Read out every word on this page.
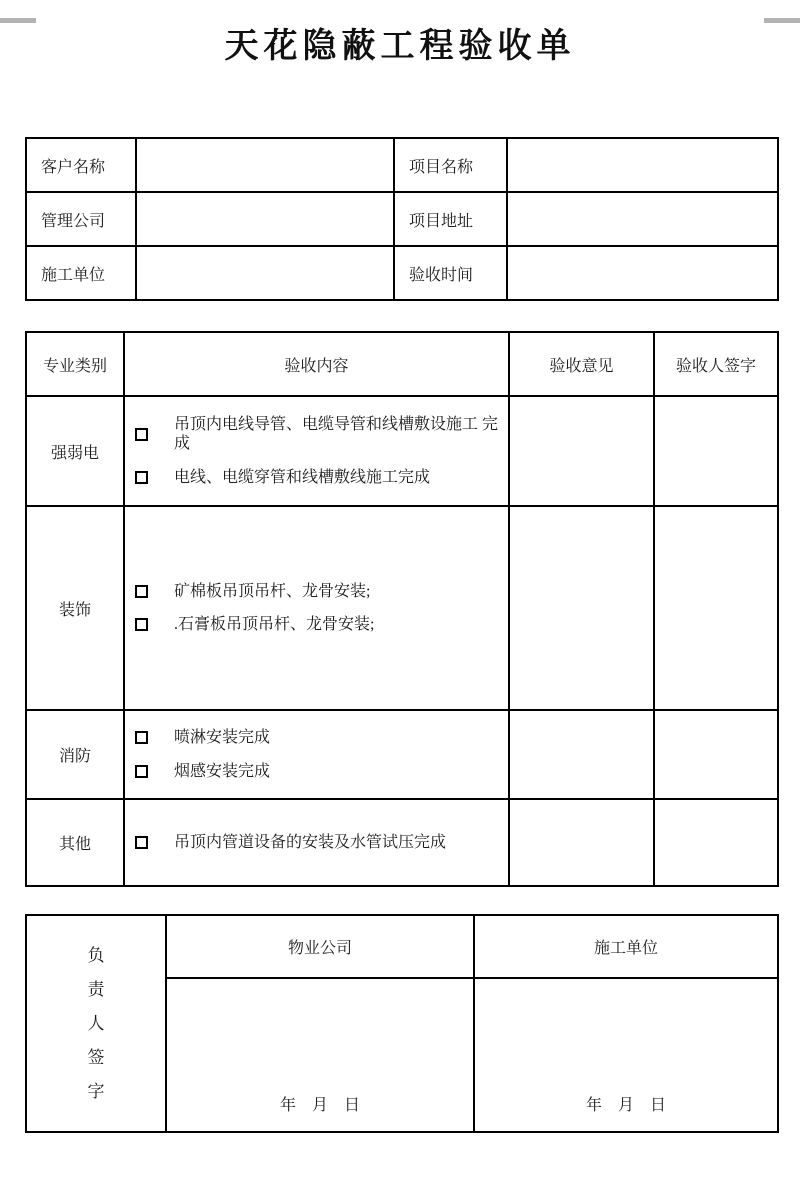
天花隐蔽工程验收单
客户名称		项目名称	
管理公司		项目地址	
施工单位		验收时间	
专业类别	验收内容	验收意见	验收人签字
强弱电	吊顶内电线导管、电缆导管和线槽敷设施工 完成
电线、电缆穿管和线槽敷线施工完成		

装饰	矿棉板吊顶吊杆、龙骨安装;
.石膏板吊顶吊杆、龙骨安装;		

消防	喷淋安装完成
烟感安装完成		

其他	吊顶内管道设备的安装及水管试压完成		

负责人签字	物业公司	施工单位
	年　月　日	年　月　日
